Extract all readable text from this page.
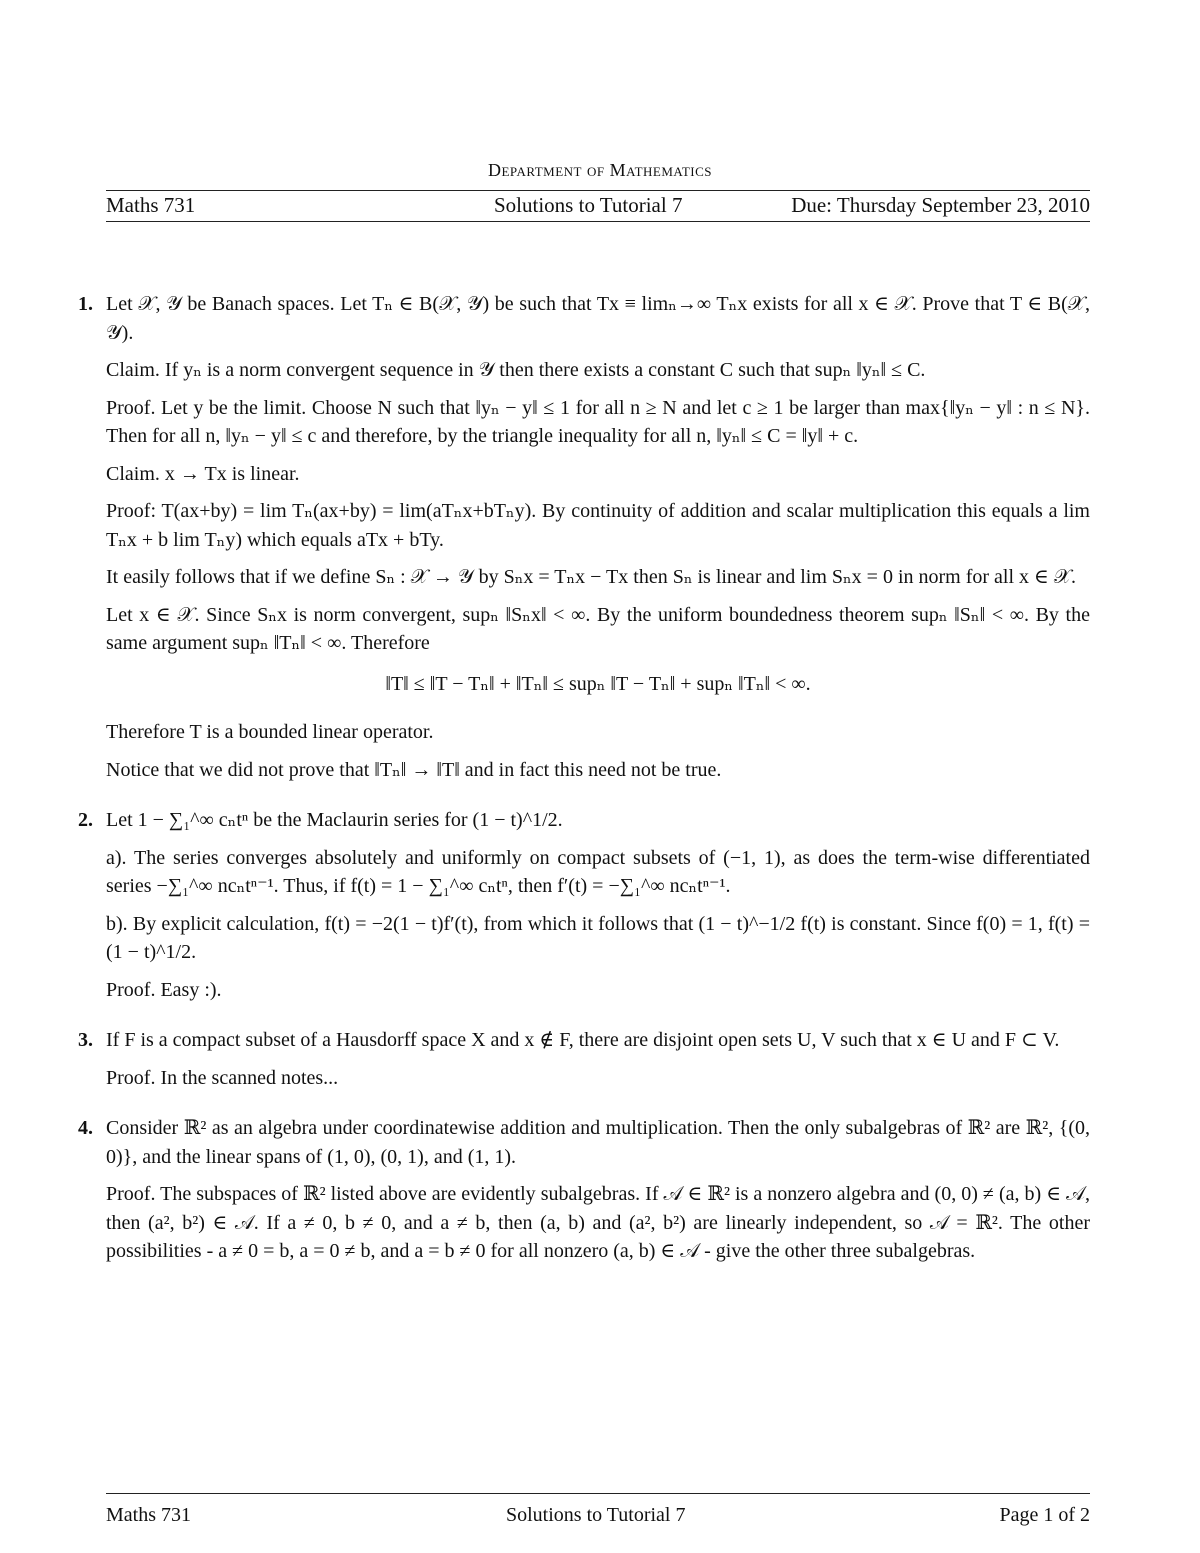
Department of Mathematics
Maths 731	Solutions to Tutorial 7	Due: Thursday September 23, 2010
1. Let 𝒳, 𝒴 be Banach spaces. Let Tₙ ∈ B(𝒳, 𝒴) be such that Tx ≡ limₙ→∞ Tₙx exists for all x ∈ 𝒳. Prove that T ∈ B(𝒳, 𝒴).

Claim. If yₙ is a norm convergent sequence in 𝒴 then there exists a constant C such that supₙ ‖yₙ‖ ≤ C.

Proof. Let y be the limit. Choose N such that ‖yₙ − y‖ ≤ 1 for all n ≥ N and let c ≥ 1 be larger than max{‖yₙ − y‖ : n ≤ N}. Then for all n, ‖yₙ − y‖ ≤ c and therefore, by the triangle inequality for all n, ‖yₙ‖ ≤ C = ‖y‖ + c.

Claim. x → Tx is linear.

Proof: T(ax+by) = lim Tₙ(ax+by) = lim(aTₙx+bTₙy). By continuity of addition and scalar multiplication this equals a lim Tₙx + b lim Tₙy) which equals aTx + bTy.

It easily follows that if we define Sₙ : 𝒳 → 𝒴 by Sₙx = Tₙx − Tx then Sₙ is linear and lim Sₙx = 0 in norm for all x ∈ 𝒳.

Let x ∈ 𝒳. Since Sₙx is norm convergent, supₙ ‖Sₙx‖ < ∞. By the uniform boundedness theorem supₙ ‖Sₙ‖ < ∞. By the same argument supₙ ‖Tₙ‖ < ∞. Therefore

‖T‖ ≤ ‖T − Tₙ‖ + ‖Tₙ‖ ≤ supₙ ‖T − Tₙ‖ + supₙ ‖Tₙ‖ < ∞.

Therefore T is a bounded linear operator.

Notice that we did not prove that ‖Tₙ‖ → ‖T‖ and in fact this need not be true.

2. Let 1 − ∑₁^∞ cₙtⁿ be the Maclaurin series for (1 − t)^1/2.

a). The series converges absolutely and uniformly on compact subsets of (−1, 1), as does the term-wise differentiated series −∑₁^∞ ncₙtⁿ⁻¹. Thus, if f(t) = 1 − ∑₁^∞ cₙtⁿ, then f′(t) = −∑₁^∞ ncₙtⁿ⁻¹.

b). By explicit calculation, f(t) = −2(1 − t)f′(t), from which it follows that (1 − t)^−1/2 f(t) is constant. Since f(0) = 1, f(t) = (1 − t)^1/2.

Proof. Easy :).

3. If F is a compact subset of a Hausdorff space X and x ∉ F, there are disjoint open sets U, V such that x ∈ U and F ⊂ V.

Proof. In the scanned notes...

4. Consider ℝ² as an algebra under coordinatewise addition and multiplication. Then the only subalgebras of ℝ² are ℝ², {(0, 0)}, and the linear spans of (1, 0), (0, 1), and (1, 1).

Proof. The subspaces of ℝ² listed above are evidently subalgebras. If 𝒜 ∈ ℝ² is a nonzero algebra and (0, 0) ≠ (a, b) ∈ 𝒜, then (a², b²) ∈ 𝒜. If a ≠ 0, b ≠ 0, and a ≠ b, then (a, b) and (a², b²) are linearly independent, so 𝒜 = ℝ². The other possibilities - a ≠ 0 = b, a = 0 ≠ b, and a = b ≠ 0 for all nonzero (a, b) ∈ 𝒜 - give the other three subalgebras.

Maths 731	Solutions to Tutorial 7	Page 1 of 2
